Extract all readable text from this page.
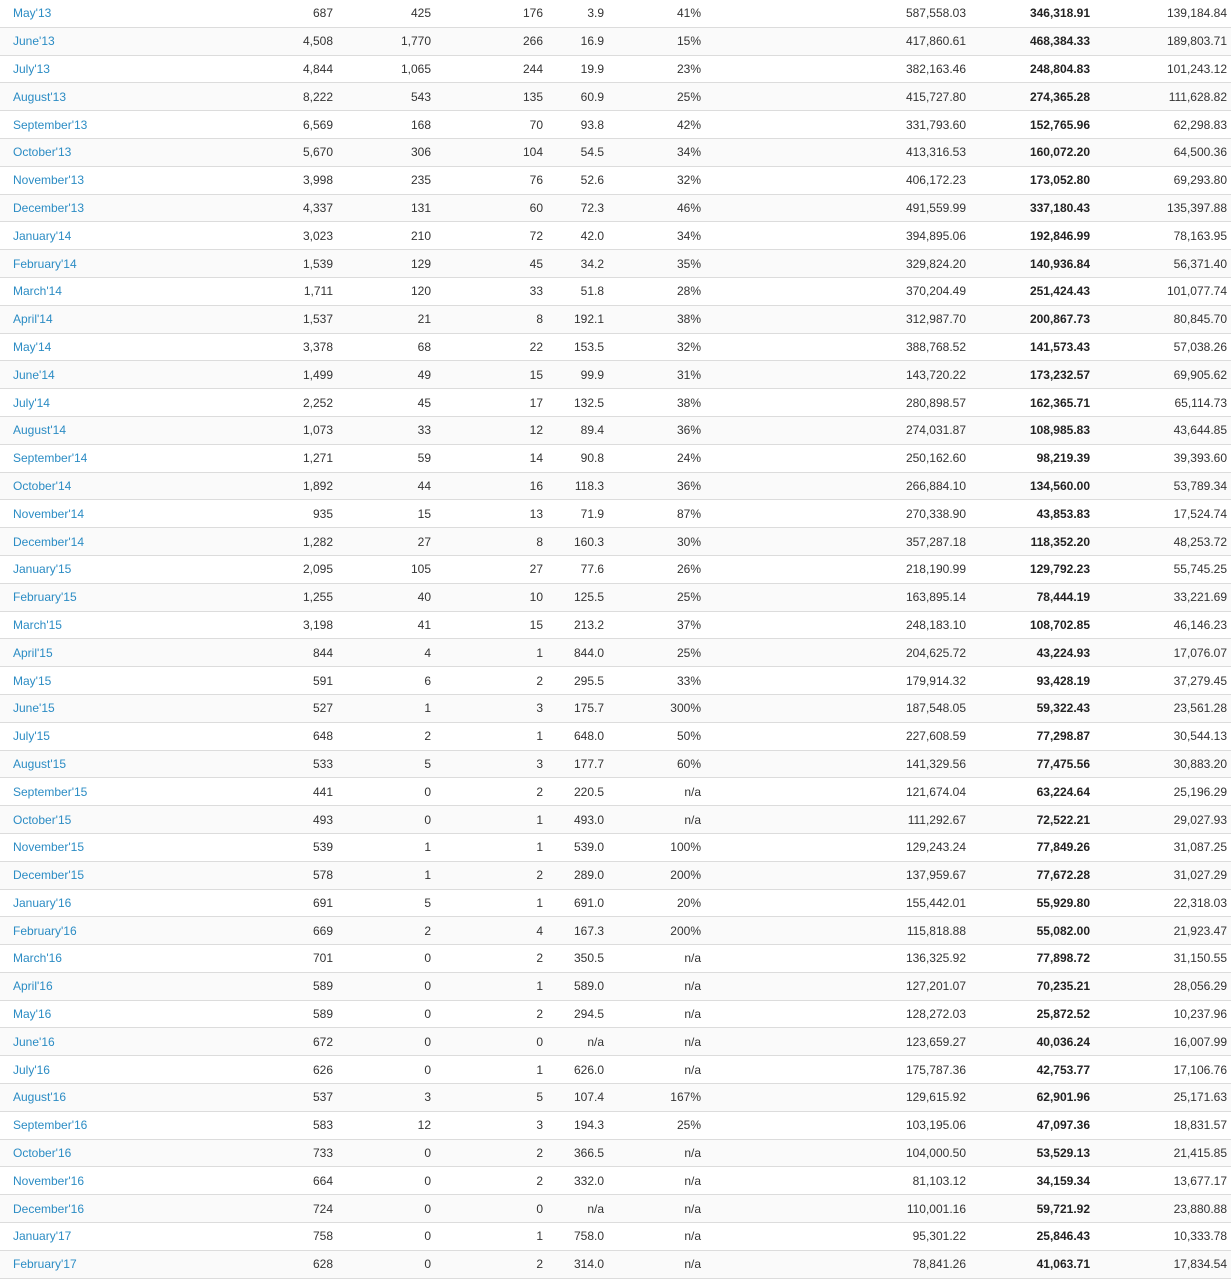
May'13	687	425	176	3.9	41%	587,558.03	346,318.91	139,184.84
June'13	4,508	1,770	266	16.9	15%	417,860.61	468,384.33	189,803.71
July'13	4,844	1,065	244	19.9	23%	382,163.46	248,804.83	101,243.12
August'13	8,222	543	135	60.9	25%	415,727.80	274,365.28	111,628.82
September'13	6,569	168	70	93.8	42%	331,793.60	152,765.96	62,298.83
October'13	5,670	306	104	54.5	34%	413,316.53	160,072.20	64,500.36
November'13	3,998	235	76	52.6	32%	406,172.23	173,052.80	69,293.80
December'13	4,337	131	60	72.3	46%	491,559.99	337,180.43	135,397.88
January'14	3,023	210	72	42.0	34%	394,895.06	192,846.99	78,163.95
February'14	1,539	129	45	34.2	35%	329,824.20	140,936.84	56,371.40
March'14	1,711	120	33	51.8	28%	370,204.49	251,424.43	101,077.74
April'14	1,537	21	8	192.1	38%	312,987.70	200,867.73	80,845.70
May'14	3,378	68	22	153.5	32%	388,768.52	141,573.43	57,038.26
June'14	1,499	49	15	99.9	31%	143,720.22	173,232.57	69,905.62
July'14	2,252	45	17	132.5	38%	280,898.57	162,365.71	65,114.73
August'14	1,073	33	12	89.4	36%	274,031.87	108,985.83	43,644.85
September'14	1,271	59	14	90.8	24%	250,162.60	98,219.39	39,393.60
October'14	1,892	44	16	118.3	36%	266,884.10	134,560.00	53,789.34
November'14	935	15	13	71.9	87%	270,338.90	43,853.83	17,524.74
December'14	1,282	27	8	160.3	30%	357,287.18	118,352.20	48,253.72
January'15	2,095	105	27	77.6	26%	218,190.99	129,792.23	55,745.25
February'15	1,255	40	10	125.5	25%	163,895.14	78,444.19	33,221.69
March'15	3,198	41	15	213.2	37%	248,183.10	108,702.85	46,146.23
April'15	844	4	1	844.0	25%	204,625.72	43,224.93	17,076.07
May'15	591	6	2	295.5	33%	179,914.32	93,428.19	37,279.45
June'15	527	1	3	175.7	300%	187,548.05	59,322.43	23,561.28
July'15	648	2	1	648.0	50%	227,608.59	77,298.87	30,544.13
August'15	533	5	3	177.7	60%	141,329.56	77,475.56	30,883.20
September'15	441	0	2	220.5	n/a	121,674.04	63,224.64	25,196.29
October'15	493	0	1	493.0	n/a	111,292.67	72,522.21	29,027.93
November'15	539	1	1	539.0	100%	129,243.24	77,849.26	31,087.25
December'15	578	1	2	289.0	200%	137,959.67	77,672.28	31,027.29
January'16	691	5	1	691.0	20%	155,442.01	55,929.80	22,318.03
February'16	669	2	4	167.3	200%	115,818.88	55,082.00	21,923.47
March'16	701	0	2	350.5	n/a	136,325.92	77,898.72	31,150.55
April'16	589	0	1	589.0	n/a	127,201.07	70,235.21	28,056.29
May'16	589	0	2	294.5	n/a	128,272.03	25,872.52	10,237.96
June'16	672	0	0	n/a	n/a	123,659.27	40,036.24	16,007.99
July'16	626	0	1	626.0	n/a	175,787.36	42,753.77	17,106.76
August'16	537	3	5	107.4	167%	129,615.92	62,901.96	25,171.63
September'16	583	12	3	194.3	25%	103,195.06	47,097.36	18,831.57
October'16	733	0	2	366.5	n/a	104,000.50	53,529.13	21,415.85
November'16	664	0	2	332.0	n/a	81,103.12	34,159.34	13,677.17
December'16	724	0	0	n/a	n/a	110,001.16	59,721.92	23,880.88
January'17	758	0	1	758.0	n/a	95,301.22	25,846.43	10,333.78
February'17	628	0	2	314.0	n/a	78,841.26	41,063.71	17,834.54
